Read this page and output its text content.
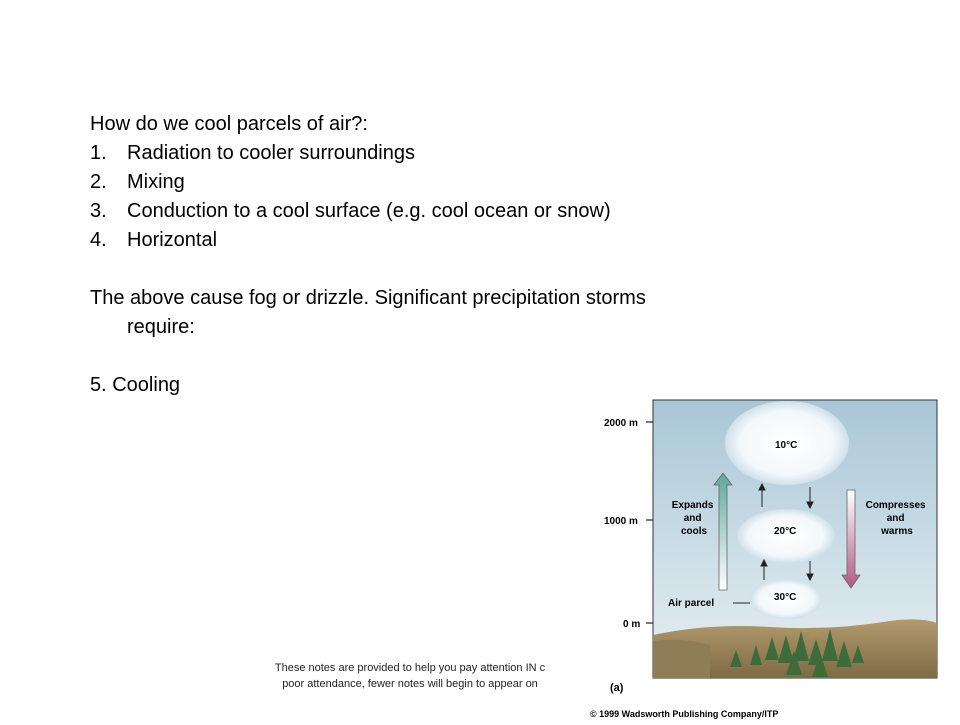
How do we cool parcels of air?:
1.	Radiation to cooler surroundings
2.	Mixing
3.	Conduction to a cool surface (e.g. cool ocean or snow)
4.	Horizontal
The above cause fog or drizzle. Significant precipitation storms
require:
5. Cooling
These notes are provided to help you pay attention IN c
poor attendance, fewer notes will begin to appear on
2000 m
1000 m
0 m
10°C
20°C
30°C
Expands and cools
Compresses and warms
Air parcel
(a)
© 1999 Wadsworth Publishing Company/ITP
